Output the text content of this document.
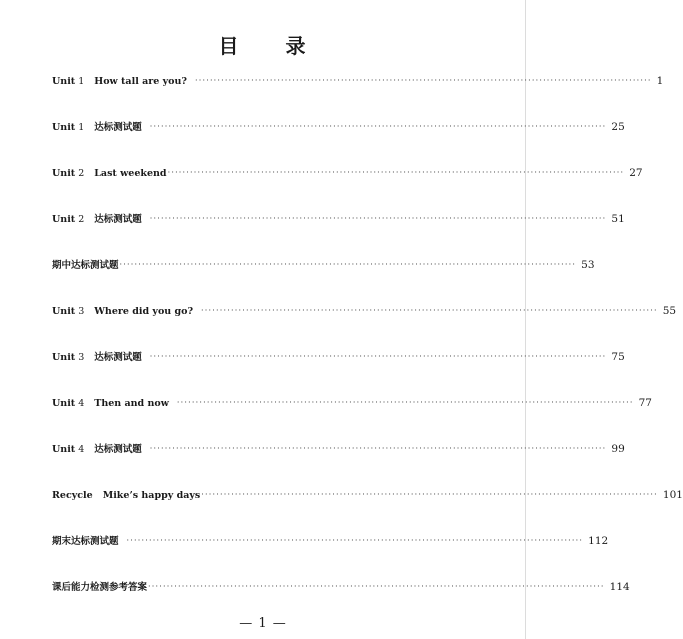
目 录
Unit 1 How tall are you? ·························································································································· 1
Unit 1 达标测试题 ·························································································································· 25
Unit 2 Last weekend ·························································································································· 27
Unit 2 达标测试题 ·························································································································· 51
期中达标测试题 ·························································································································· 53
Unit 3 Where did you go? ·························································································································· 55
Unit 3 达标测试题 ·························································································································· 75
Unit 4 Then and now ·························································································································· 77
Unit 4 达标测试题 ·························································································································· 99
Recycle Mike’s happy days ·························································································································· 101
期末达标测试题 ·························································································································· 112
课后能力检测参考答案 ·························································································································· 114
— 1 —
